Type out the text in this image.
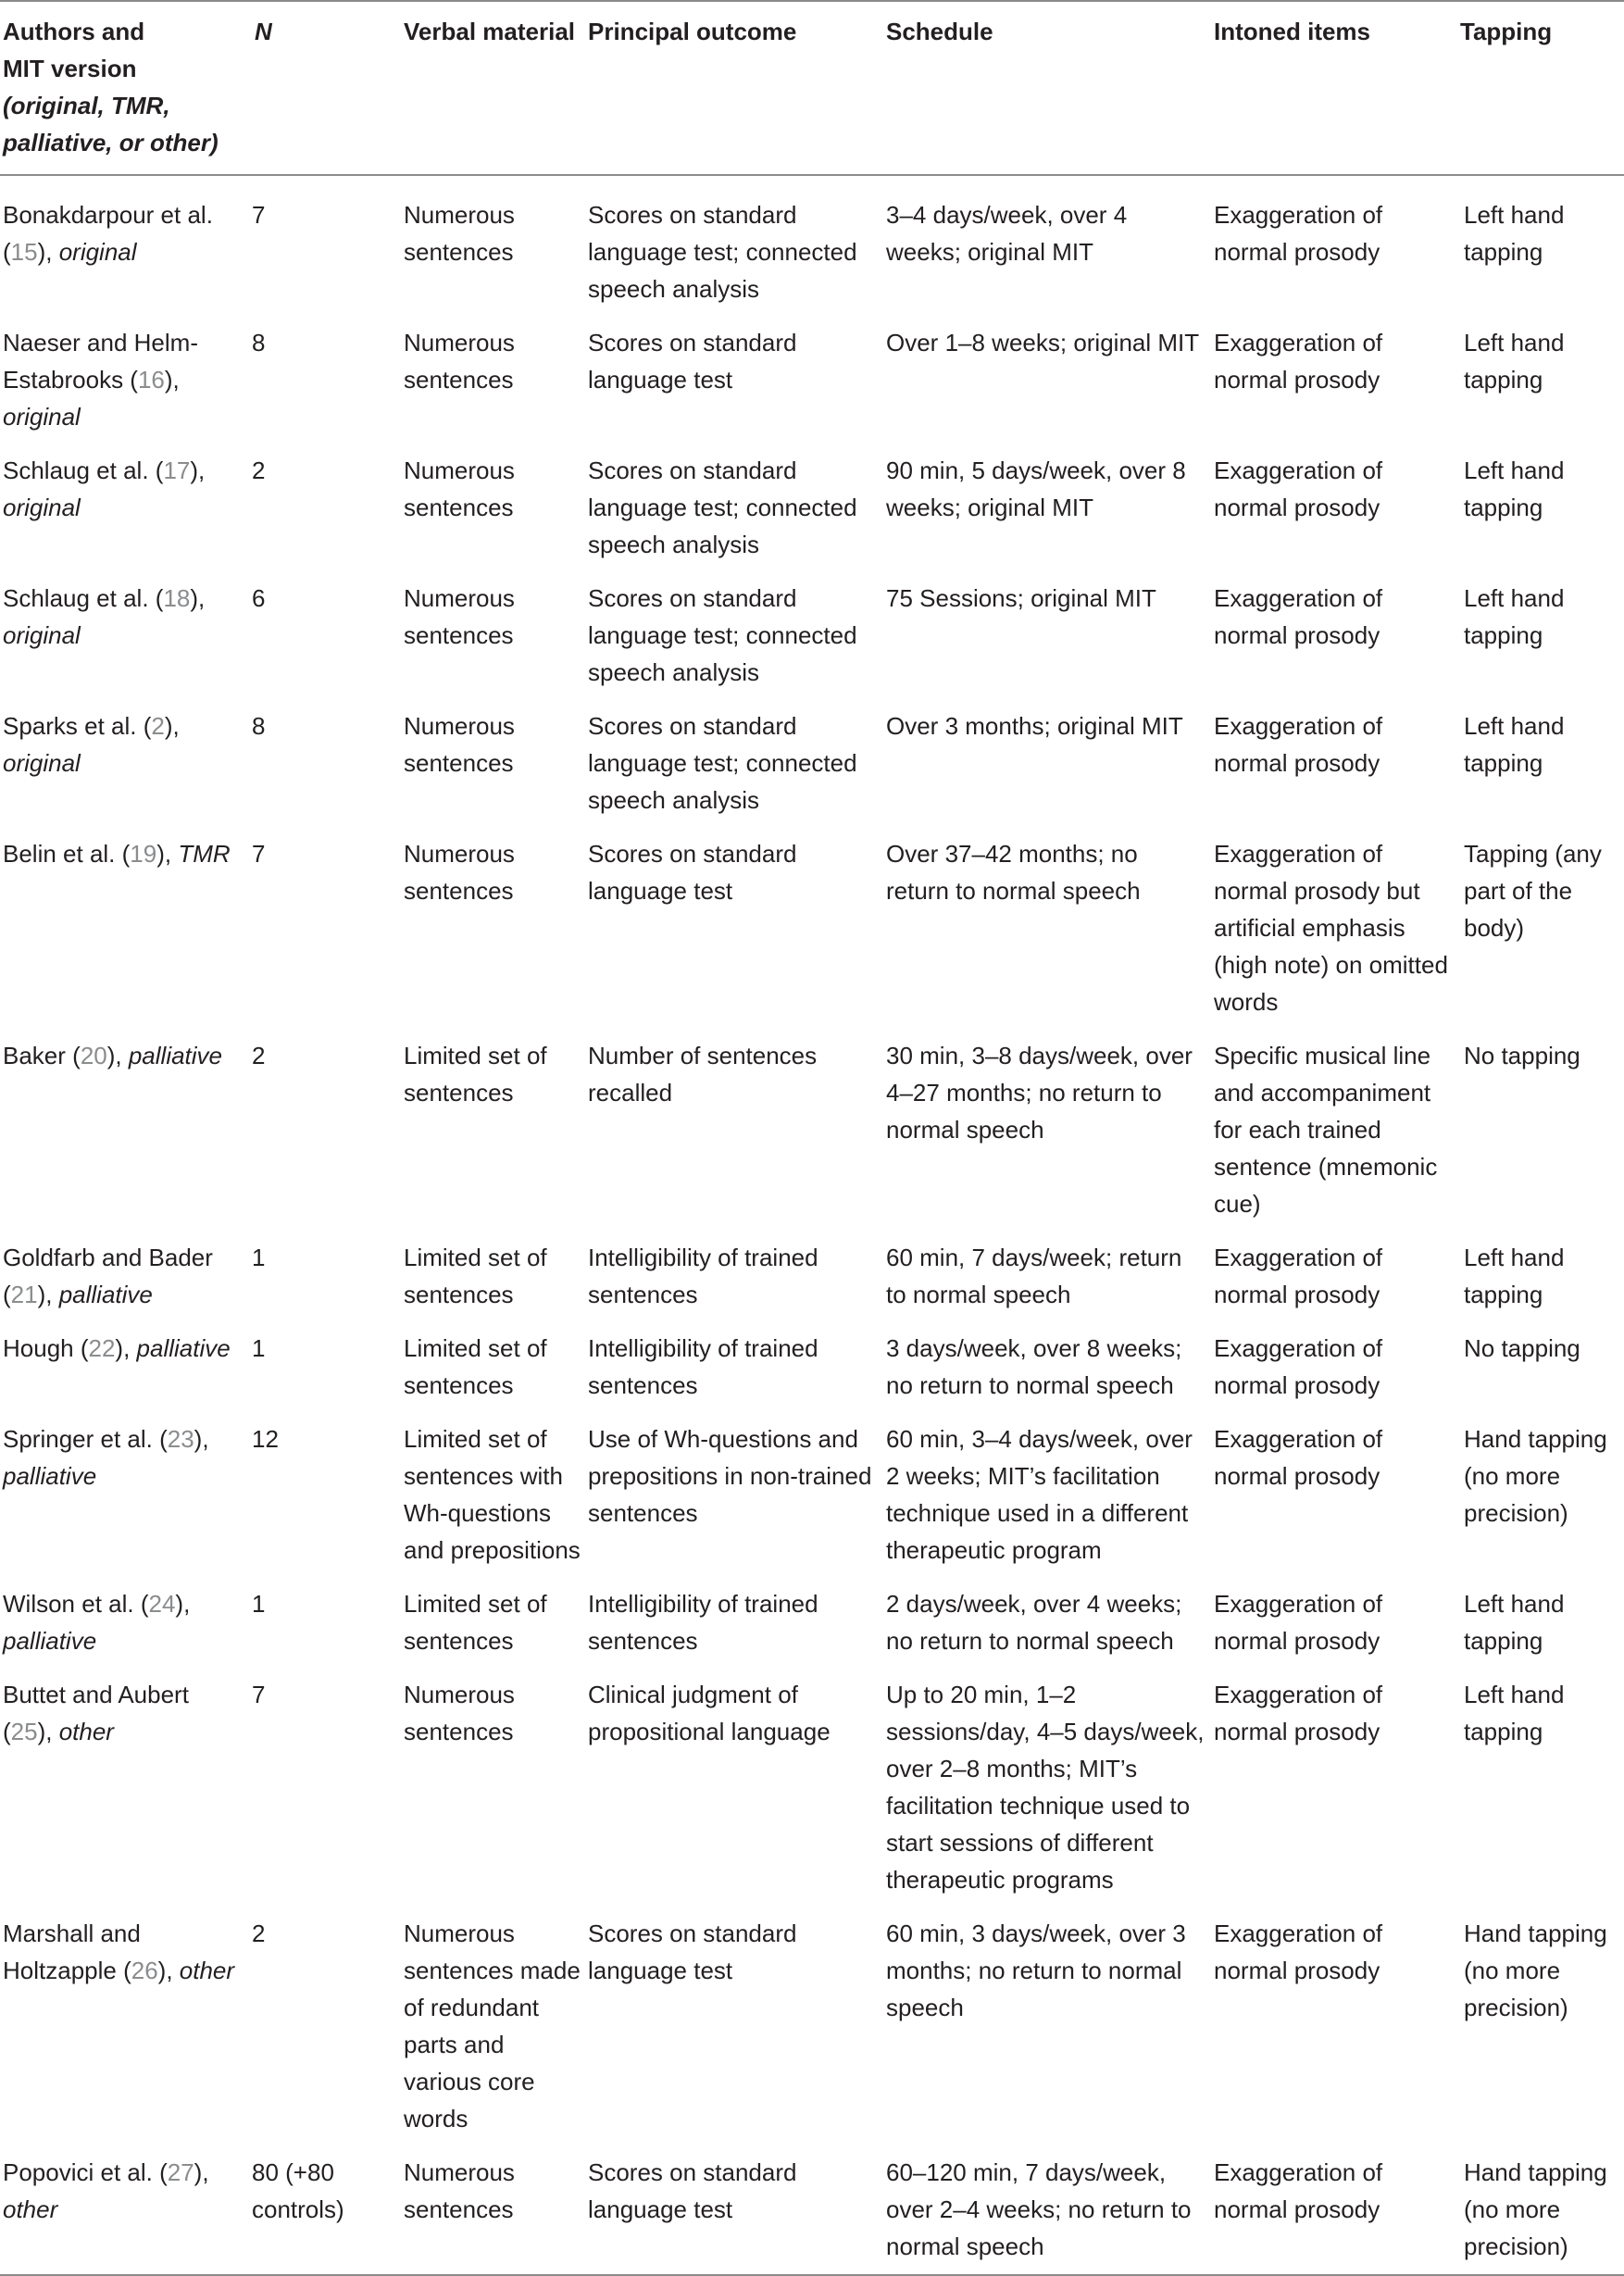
Authors and
MIT version
(original, TMR,
palliative, or other)	N	Verbal material	Principal outcome	Schedule	Intoned items	Tapping
Bonakdarpour et al. (15), original	7	Numerous sentences	Scores on standard language test; connected speech analysis	3–4 days/week, over 4 weeks; original MIT	Exaggeration of normal prosody	Left hand tapping
Naeser and Helm-Estabrooks (16), original	8	Numerous sentences	Scores on standard language test	Over 1–8 weeks; original MIT	Exaggeration of normal prosody	Left hand tapping
Schlaug et al. (17), original	2	Numerous sentences	Scores on standard language test; connected speech analysis	90 min, 5 days/week, over 8 weeks; original MIT	Exaggeration of normal prosody	Left hand tapping
Schlaug et al. (18), original	6	Numerous sentences	Scores on standard language test; connected speech analysis	75 Sessions; original MIT	Exaggeration of normal prosody	Left hand tapping
Sparks et al. (2), original	8	Numerous sentences	Scores on standard language test; connected speech analysis	Over 3 months; original MIT	Exaggeration of normal prosody	Left hand tapping
Belin et al. (19), TMR	7	Numerous sentences	Scores on standard language test	Over 37–42 months; no return to normal speech	Exaggeration of normal prosody but artificial emphasis (high note) on omitted words	Tapping (any part of the body)
Baker (20), palliative	2	Limited set of sentences	Number of sentences recalled	30 min, 3–8 days/week, over 4–27 months; no return to normal speech	Specific musical line and accompaniment for each trained sentence (mnemonic cue)	No tapping
Goldfarb and Bader (21), palliative	1	Limited set of sentences	Intelligibility of trained sentences	60 min, 7 days/week; return to normal speech	Exaggeration of normal prosody	Left hand tapping
Hough (22), palliative	1	Limited set of sentences	Intelligibility of trained sentences	3 days/week, over 8 weeks; no return to normal speech	Exaggeration of normal prosody	No tapping
Springer et al. (23), palliative	12	Limited set of sentences with Wh-questions and prepositions	Use of Wh-questions and prepositions in non-trained sentences	60 min, 3–4 days/week, over 2 weeks; MIT’s facilitation technique used in a different therapeutic program	Exaggeration of normal prosody	Hand tapping (no more precision)
Wilson et al. (24), palliative	1	Limited set of sentences	Intelligibility of trained sentences	2 days/week, over 4 weeks; no return to normal speech	Exaggeration of normal prosody	Left hand tapping
Buttet and Aubert (25), other	7	Numerous sentences	Clinical judgment of propositional language	Up to 20 min, 1–2 sessions/day, 4–5 days/week, over 2–8 months; MIT’s facilitation technique used to start sessions of different therapeutic programs	Exaggeration of normal prosody	Left hand tapping
Marshall and Holtzapple (26), other	2	Numerous sentences made of redundant parts and various core words	Scores on standard language test	60 min, 3 days/week, over 3 months; no return to normal speech	Exaggeration of normal prosody	Hand tapping (no more precision)
Popovici et al. (27), other	80 (+80 controls)	Numerous sentences	Scores on standard language test	60–120 min, 7 days/week, over 2–4 weeks; no return to normal speech	Exaggeration of normal prosody	Hand tapping (no more precision)
